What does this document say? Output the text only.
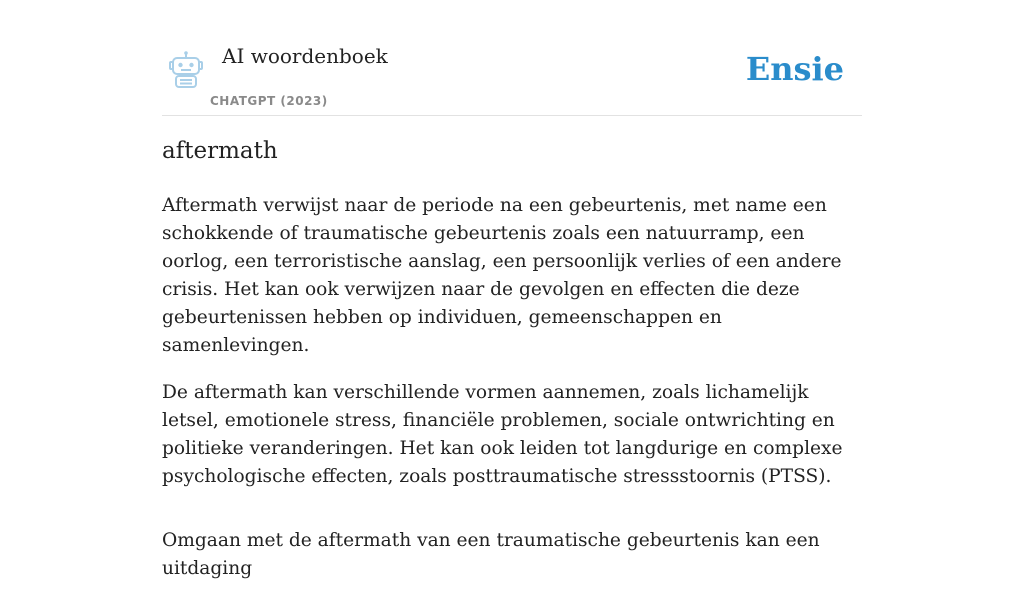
AI woordenboek
CHATGPT (2023)
Ensie
aftermath

Aftermath verwijst naar de periode na een gebeurtenis, met name een schokkende of traumatische gebeurtenis zoals een natuurramp, een oorlog, een terroristische aanslag, een persoonlijk verlies of een andere crisis. Het kan ook verwijzen naar de gevolgen en effecten die deze gebeurtenissen hebben op individuen, gemeenschappen en samenlevingen.

De aftermath kan verschillende vormen aannemen, zoals lichamelijk letsel, emotionele stress, financiële problemen, sociale ontwrichting en politieke veranderingen. Het kan ook leiden tot langdurige en complexe psychologische effecten, zoals posttraumatische stressstoornis (PTSS).

Omgaan met de aftermath van een traumatische gebeurtenis kan een uitdaging
